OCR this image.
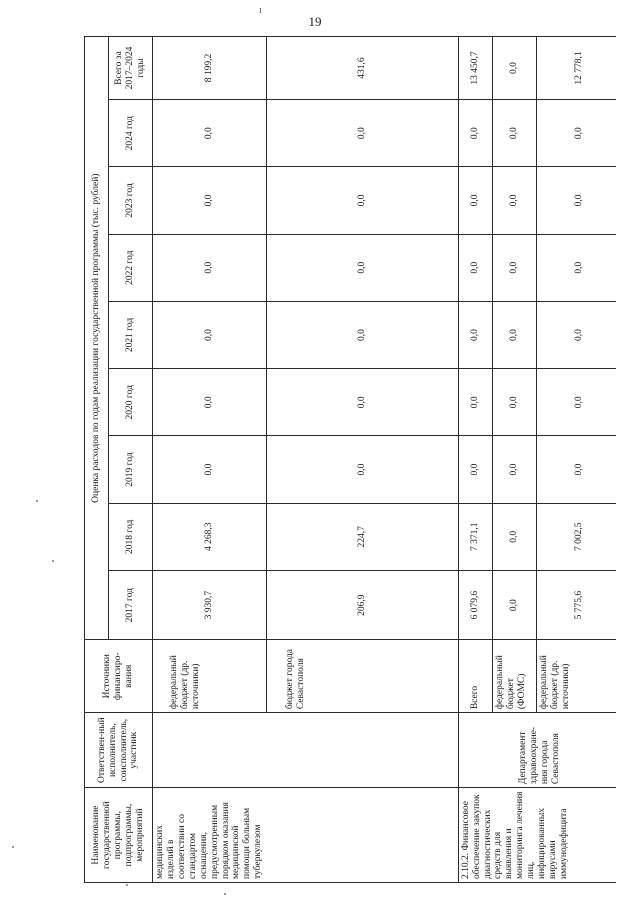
19
ı
Наименование государственной программы, подпрограммы, мероприятий	Ответствен-ный исполнитель, соисполнитель, участник	Источники финансиро-вания	Оценка расходов по годам реализации государственной программы (тыс. рублей)								
			2017 год	2018 год	2019 год	2020 год	2021 год	2022 год	2023 год	2024 год	Всего за 2017–2024 годы
медицинских изделий в соответствии со стандартом оснащения, предусмотренным порядком оказания медицинской помощи больным туберкулезом		федеральный бюджет (др. источники)	3 930,7	4 268,3	0,0	0,0	0,0	0,0	0,0	0,0	8 199,2
		бюджет города Севастополя	206,9	224,7	0,0	0,0	0,0	0,0	0,0	0,0	431,6
2.10.2. Финансовое обеспечение закупок диагностических средств для выявления и мониторинга лечения лиц, инфицированных вирусами иммунодефицита	Департамент здравоохране-ния города Севастополя	Всего	6 079,6	7 371,1	0,0	0,0	0,0	0,0	0,0	0,0	13 450,7
		федеральный бюджет (ФОМС)	0,0	0,0	0,0	0,0	0,0	0,0	0,0	0,0	0,0
		федеральный бюджет (др. источники)	5 775,6	7 002,5	0,0	0,0	0,0	0,0	0,0	0,0	12 778,1
